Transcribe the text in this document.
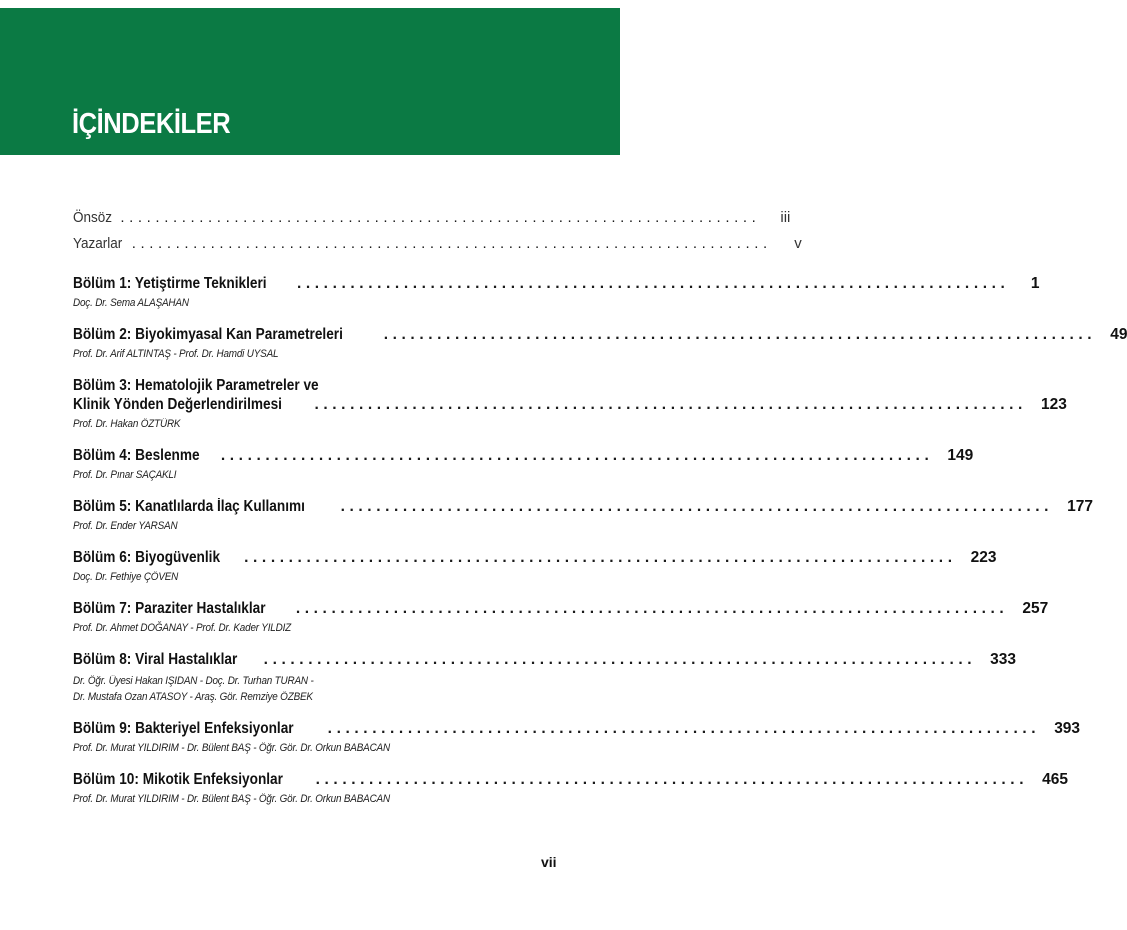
İÇİNDEKİLER
Önsöz .........................................................................	iii
Yazarlar .........................................................................	v
Bölüm 1: Yetiştirme Teknikleri ................................................................................	1
Doç. Dr. Sema ALAŞAHAN
Bölüm 2: Biyokimyasal Kan Parametreleri	................................................................................ 49
Prof. Dr. Arif ALTINTAŞ - Prof. Dr. Hamdi UYSAL
Bölüm 3: Hematolojik Parametreler ve
Klinik Yönden Değerlendirilmesi ................................................................................ 123
Prof. Dr. Hakan ÖZTÜRK
Bölüm 4: Beslenme ................................................................................ 149
Prof. Dr. Pınar SAÇAKLI
Bölüm 5: Kanatlılarda İlaç Kullanımı ................................................................................ 177
Prof. Dr. Ender YARSAN
Bölüm 6: Biyogüvenlik ................................................................................ 223
Doç. Dr. Fethiye ÇÖVEN
Bölüm 7: Paraziter Hastalıklar ................................................................................ 257
Prof. Dr. Ahmet DOĞANAY - Prof. Dr. Kader YILDIZ
Bölüm 8: Viral Hastalıklar ................................................................................ 333
Dr. Öğr. Üyesi Hakan IŞIDAN - Doç. Dr. Turhan TURAN -
Dr. Mustafa Ozan ATASOY - Araş. Gör. Remziye ÖZBEK
Bölüm 9: Bakteriyel Enfeksiyonlar ................................................................................ 393
Prof. Dr. Murat YILDIRIM - Dr. Bülent BAŞ - Öğr. Gör. Dr. Orkun BABACAN
Bölüm 10: Mikotik Enfeksiyonlar ................................................................................ 465
Prof. Dr. Murat YILDIRIM - Dr. Bülent BAŞ - Öğr. Gör. Dr. Orkun BABACAN
vii
